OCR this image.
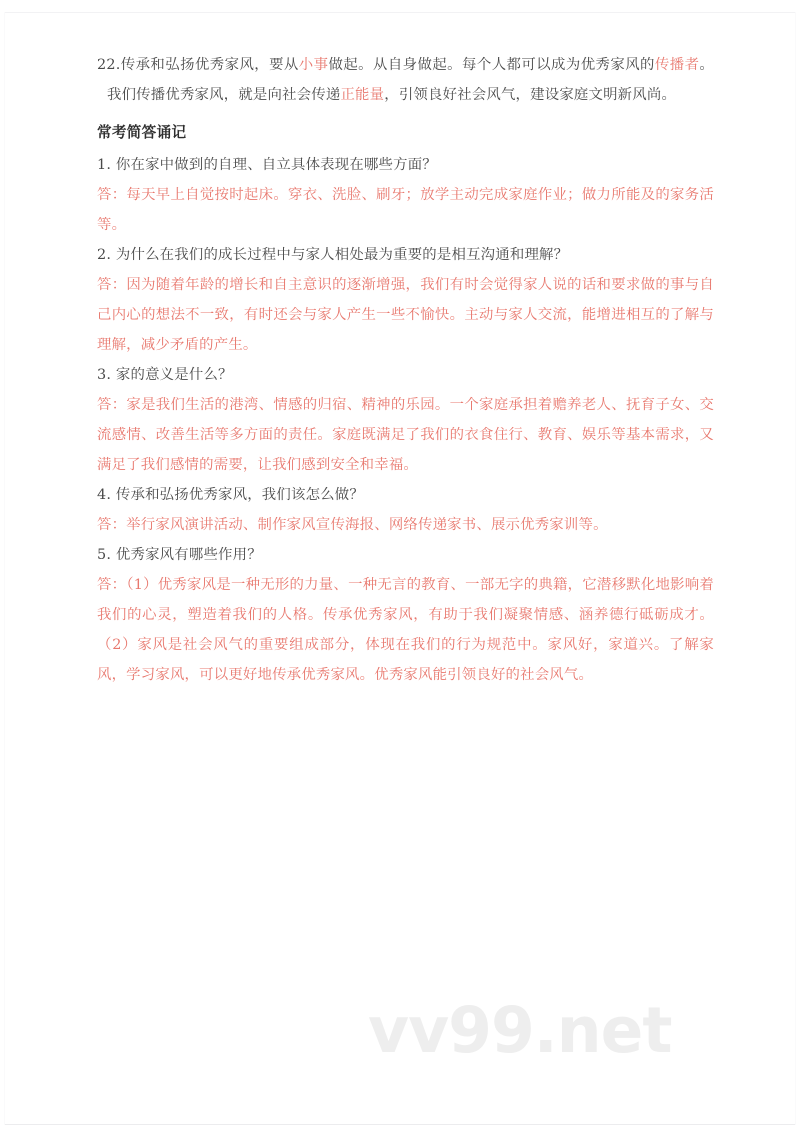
22.传承和弘扬优秀家风，要从小事做起。从自身做起。每个人都可以成为优秀家风的传播者。我们传播优秀家风，就是向社会传递正能量，引领良好社会风气，建设家庭文明新风尚。

常考简答诵记

1. 你在家中做到的自理、自立具体表现在哪些方面？

答：每天早上自觉按时起床。穿衣、洗脸、刷牙；放学主动完成家庭作业；做力所能及的家务活等。

2. 为什么在我们的成长过程中与家人相处最为重要的是相互沟通和理解？

答：因为随着年龄的增长和自主意识的逐渐增强，我们有时会觉得家人说的话和要求做的事与自己内心的想法不一致，有时还会与家人产生一些不愉快。主动与家人交流，能增进相互的了解与理解，减少矛盾的产生。

3. 家的意义是什么？

答：家是我们生活的港湾、情感的归宿、精神的乐园。一个家庭承担着赡养老人、抚育子女、交流感情、改善生活等多方面的责任。家庭既满足了我们的衣食住行、教育、娱乐等基本需求，又满足了我们感情的需要，让我们感到安全和幸福。

4. 传承和弘扬优秀家风，我们该怎么做？

答：举行家风演讲活动、制作家风宣传海报、网络传递家书、展示优秀家训等。

5. 优秀家风有哪些作用？

答：（1）优秀家风是一种无形的力量、一种无言的教育、一部无字的典籍，它潜移默化地影响着我们的心灵，塑造着我们的人格。传承优秀家风，有助于我们凝聚情感、涵养德行砥砺成才。（2）家风是社会风气的重要组成部分，体现在我们的行为规范中。家风好，家道兴。了解家风，学习家风，可以更好地传承优秀家风。优秀家风能引领良好的社会风气。

vv99.net
